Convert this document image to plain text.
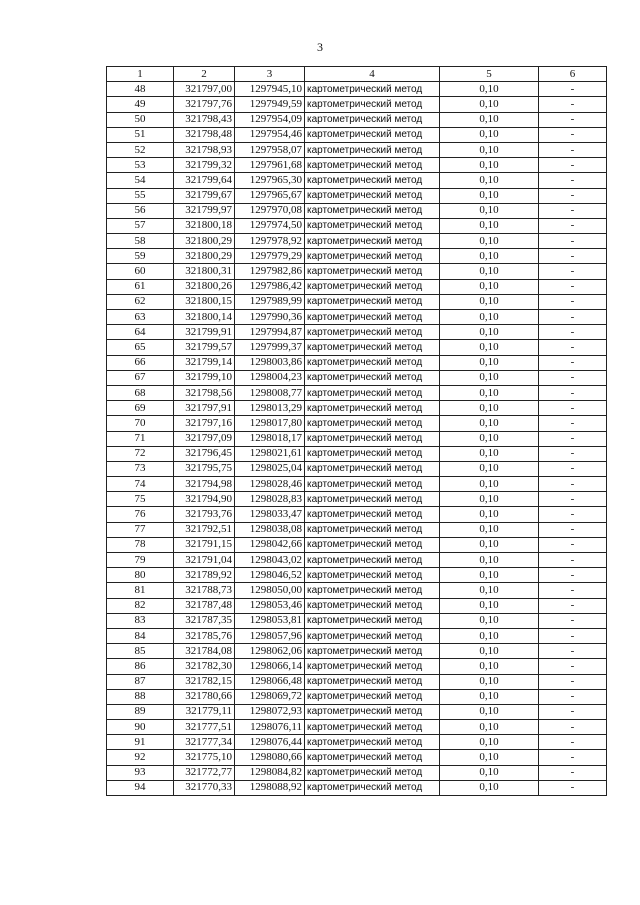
3
1	2	3	4	5	6
48	321797,00	1297945,10	картометрический метод	0,10	-
49	321797,76	1297949,59	картометрический метод	0,10	-
50	321798,43	1297954,09	картометрический метод	0,10	-
51	321798,48	1297954,46	картометрический метод	0,10	-
52	321798,93	1297958,07	картометрический метод	0,10	-
53	321799,32	1297961,68	картометрический метод	0,10	-
54	321799,64	1297965,30	картометрический метод	0,10	-
55	321799,67	1297965,67	картометрический метод	0,10	-
56	321799,97	1297970,08	картометрический метод	0,10	-
57	321800,18	1297974,50	картометрический метод	0,10	-
58	321800,29	1297978,92	картометрический метод	0,10	-
59	321800,29	1297979,29	картометрический метод	0,10	-
60	321800,31	1297982,86	картометрический метод	0,10	-
61	321800,26	1297986,42	картометрический метод	0,10	-
62	321800,15	1297989,99	картометрический метод	0,10	-
63	321800,14	1297990,36	картометрический метод	0,10	-
64	321799,91	1297994,87	картометрический метод	0,10	-
65	321799,57	1297999,37	картометрический метод	0,10	-
66	321799,14	1298003,86	картометрический метод	0,10	-
67	321799,10	1298004,23	картометрический метод	0,10	-
68	321798,56	1298008,77	картометрический метод	0,10	-
69	321797,91	1298013,29	картометрический метод	0,10	-
70	321797,16	1298017,80	картометрический метод	0,10	-
71	321797,09	1298018,17	картометрический метод	0,10	-
72	321796,45	1298021,61	картометрический метод	0,10	-
73	321795,75	1298025,04	картометрический метод	0,10	-
74	321794,98	1298028,46	картометрический метод	0,10	-
75	321794,90	1298028,83	картометрический метод	0,10	-
76	321793,76	1298033,47	картометрический метод	0,10	-
77	321792,51	1298038,08	картометрический метод	0,10	-
78	321791,15	1298042,66	картометрический метод	0,10	-
79	321791,04	1298043,02	картометрический метод	0,10	-
80	321789,92	1298046,52	картометрический метод	0,10	-
81	321788,73	1298050,00	картометрический метод	0,10	-
82	321787,48	1298053,46	картометрический метод	0,10	-
83	321787,35	1298053,81	картометрический метод	0,10	-
84	321785,76	1298057,96	картометрический метод	0,10	-
85	321784,08	1298062,06	картометрический метод	0,10	-
86	321782,30	1298066,14	картометрический метод	0,10	-
87	321782,15	1298066,48	картометрический метод	0,10	-
88	321780,66	1298069,72	картометрический метод	0,10	-
89	321779,11	1298072,93	картометрический метод	0,10	-
90	321777,51	1298076,11	картометрический метод	0,10	-
91	321777,34	1298076,44	картометрический метод	0,10	-
92	321775,10	1298080,66	картометрический метод	0,10	-
93	321772,77	1298084,82	картометрический метод	0,10	-
94	321770,33	1298088,92	картометрический метод	0,10	-
